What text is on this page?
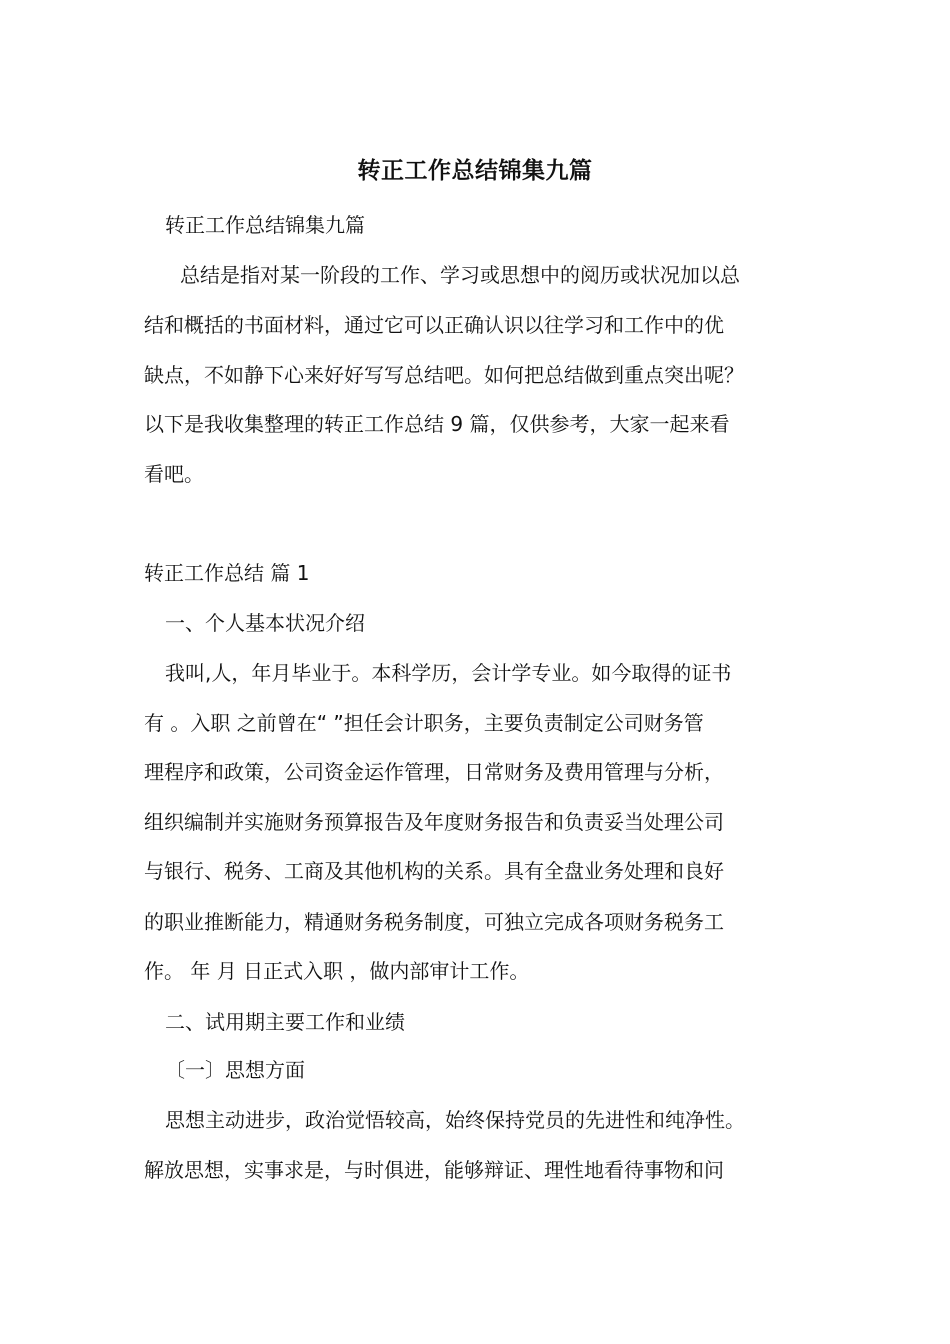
转正工作总结锦集九篇
转正工作总结锦集九篇
总结是指对某一阶段的工作、学习或思想中的阅历或状况加以总
结和概括的书面材料，通过它可以正确认识以往学习和工作中的优
缺点，不如静下心来好好写写总结吧。如何把总结做到重点突出呢？
以下是我收集整理的转正工作总结 9 篇，仅供参考，大家一起来看
看吧。
转正工作总结 篇 1
一、个人基本状况介绍
我叫,人，年月毕业于。本科学历，会计学专业。如今取得的证书
有 。入职 之前曾在“ ”担任会计职务，主要负责制定公司财务管
理程序和政策，公司资金运作管理，日常财务及费用管理与分析，
组织编制并实施财务预算报告及年度财务报告和负责妥当处理公司
与银行、税务、工商及其他机构的关系。具有全盘业务处理和良好
的职业推断能力，精通财务税务制度，可独立完成各项财务税务工
作。 年 月 日正式入职 ，做内部审计工作。
二、试用期主要工作和业绩
〔一〕思想方面
思想主动进步，政治觉悟较高，始终保持党员的先进性和纯净性。
解放思想，实事求是，与时俱进，能够辩证、理性地看待事物和问
